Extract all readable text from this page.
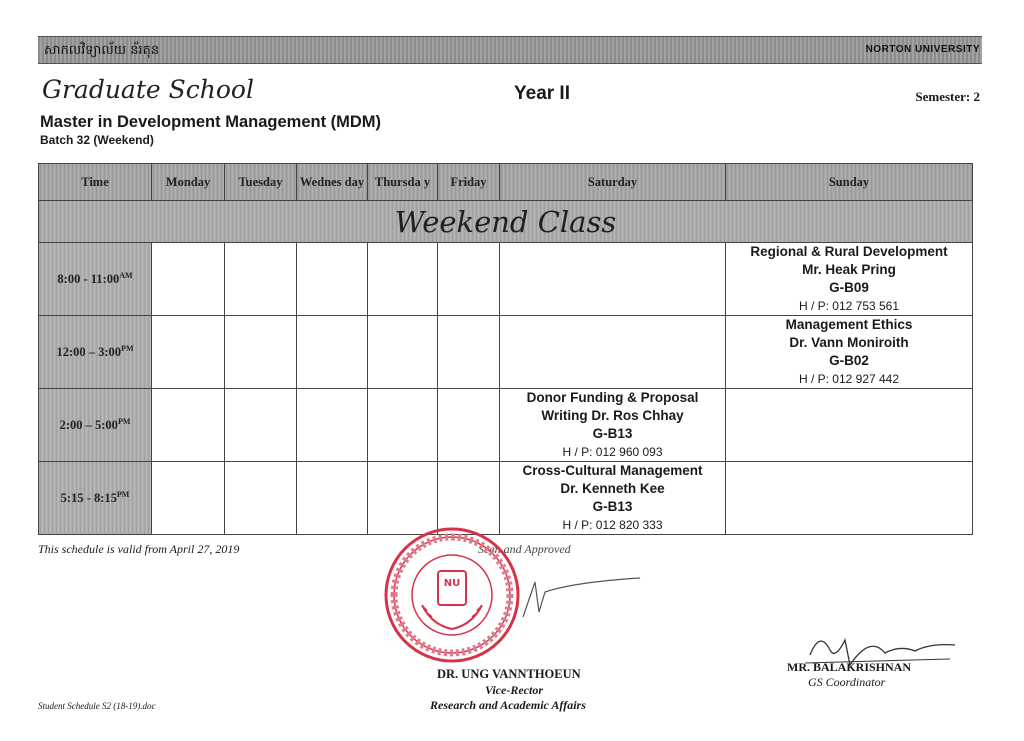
សាកលវិទ្យាល័យ ន័រតុន	NORTON UNIVERSITY
Graduate School	Year II	Semester: 2
Master in Development Management (MDM)
Batch 32 (Weekend)
Time	Monday	Tuesday	Wednes day	Thursda y	Friday	Saturday	Sunday
Weekend Class							
8:00 - $11:00^{AM}$							Regional & Rural Development
Mr. Heak Pring
G-B09
H / P: 012 753 561

12:00 – $3:00^{PM}$							Management Ethics
Dr. Vann Moniroith
G-B02
H / P: 012 927 442

2:00 – $5:00^{PM}$						Donor Funding & Proposal
Writing Dr. Ros Chhay
G-B13
H / P: 012 960 093	

5:15 - $8:15^{PM}$						Cross-Cultural Management
Dr. Kenneth Kee
G-B13
H / P: 012 820 333	

This schedule is valid from April 27, 2019	Seen and Approved
NU
DR. UNG VANNTHOEUN
Vice-Rector
Research and Academic Affairs
MR. BALAKRISHNAN
GS Coordinator
Student Schedule S2 (18-19).doc
